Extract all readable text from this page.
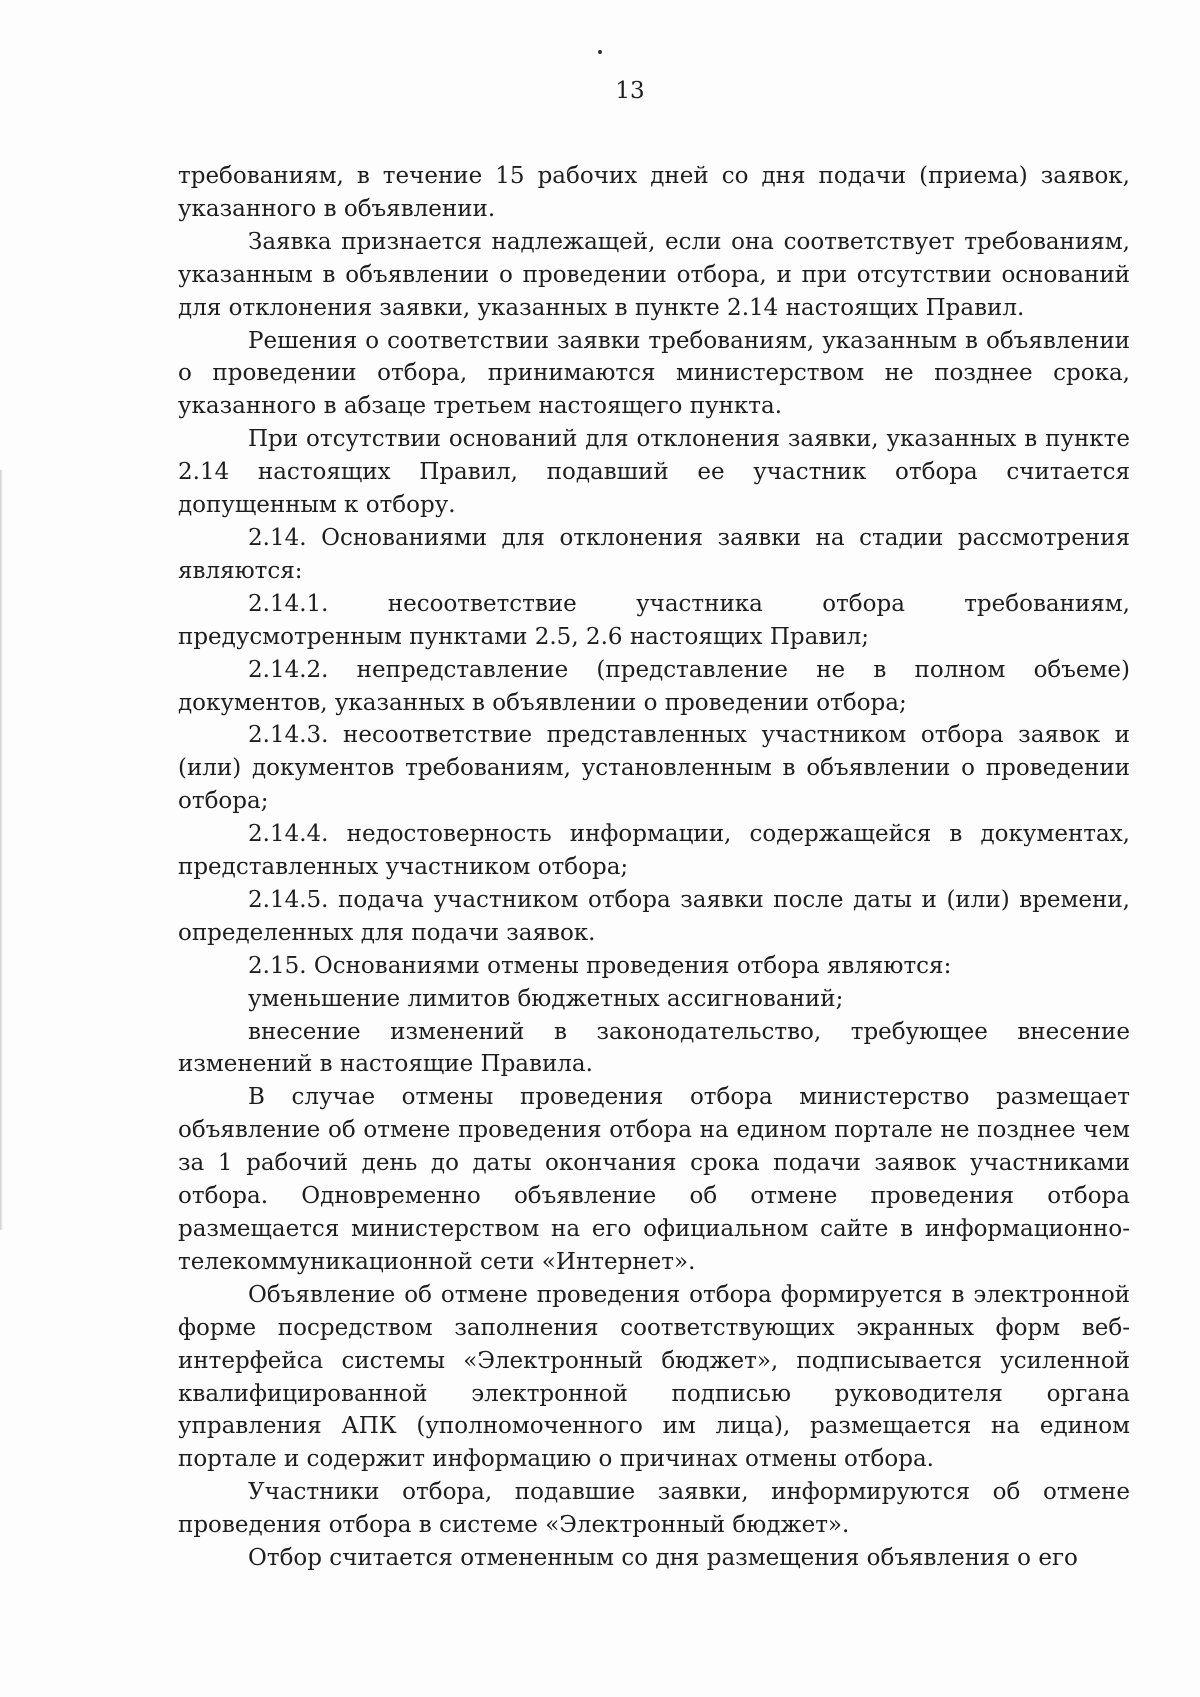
13

требованиям, в течение 15 рабочих дней со дня подачи (приема) заявок, указанного в объявлении.

Заявка признается надлежащей, если она соответствует требованиям, указанным в объявлении о проведении отбора, и при отсутствии оснований для отклонения заявки, указанных в пункте 2.14 настоящих Правил.

Решения о соответствии заявки требованиям, указанным в объявлении о проведении отбора, принимаются министерством не позднее срока, указанного в абзаце третьем настоящего пункта.

При отсутствии оснований для отклонения заявки, указанных в пункте 2.14 настоящих Правил, подавший ее участник отбора считается допущенным к отбору.

2.14. Основаниями для отклонения заявки на стадии рассмотрения являются:

2.14.1. несоответствие участника отбора требованиям, предусмотренным пунктами 2.5, 2.6 настоящих Правил;

2.14.2. непредставление (представление не в полном объеме) документов, указанных в объявлении о проведении отбора;

2.14.3. несоответствие представленных участником отбора заявок и (или) документов требованиям, установленным в объявлении о проведении отбора;

2.14.4. недостоверность информации, содержащейся в документах, представленных участником отбора;

2.14.5. подача участником отбора заявки после даты и (или) времени, определенных для подачи заявок.

2.15. Основаниями отмены проведения отбора являются:

уменьшение лимитов бюджетных ассигнований;

внесение изменений в законодательство, требующее внесение изменений в настоящие Правила.

В случае отмены проведения отбора министерство размещает объявление об отмене проведения отбора на едином портале не позднее чем за 1 рабочий день до даты окончания срока подачи заявок участниками отбора. Одновременно объявление об отмене проведения отбора размещается министерством на его официальном сайте в информационно-телекоммуникационной сети «Интернет».

Объявление об отмене проведения отбора формируется в электронной форме посредством заполнения соответствующих экранных форм веб-интерфейса системы «Электронный бюджет», подписывается усиленной квалифицированной электронной подписью руководителя органа управления АПК (уполномоченного им лица), размещается на едином портале и содержит информацию о причинах отмены отбора.

Участники отбора, подавшие заявки, информируются об отмене проведения отбора в системе «Электронный бюджет».

Отбор считается отмененным со дня размещения объявления о его
